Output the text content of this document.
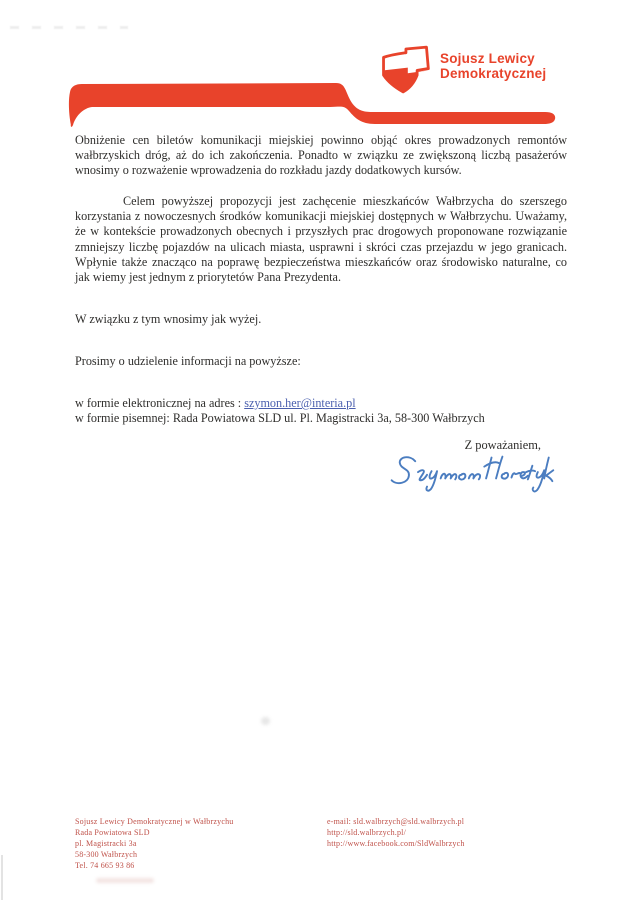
Sojusz Lewicy
Demokratycznej

Obniżenie cen biletów komunikacji miejskiej powinno objąć okres prowadzonych remontów wałbrzyskich dróg, aż do ich zakończenia. Ponadto w związku ze zwiększoną liczbą pasażerów wnosimy o rozważenie wprowadzenia do rozkładu jazdy dodatkowych kursów.

Celem powyższej propozycji jest zachęcenie mieszkańców Wałbrzycha do szerszego korzystania z nowoczesnych środków komunikacji miejskiej dostępnych w Wałbrzychu. Uważamy, że w kontekście prowadzonych obecnych i przyszłych prac drogowych proponowane rozwiązanie zmniejszy liczbę pojazdów na ulicach miasta, usprawni i skróci czas przejazdu w jego granicach. Wpłynie także znacząco na poprawę bezpieczeństwa mieszkańców oraz środowisko naturalne, co jak wiemy jest jednym z priorytetów Pana Prezydenta.

W związku z tym wnosimy jak wyżej.

Prosimy o udzielenie informacji na powyższe:

w formie elektronicznej na adres : szymon.her@interia.pl

w formie pisemnej: Rada Powiatowa SLD ul. Pl. Magistracki 3a, 58-300 Wałbrzych

Z poważaniem,
Sojusz Lewicy Demokratycznej w Wałbrzychu
Rada Powiatowa SLD
pl. Magistracki 3a
58-300 Wałbrzych
Tel. 74 665 93 86
e-mail: sld.walbrzych@sld.walbrzych.pl
http://sld.walbrzych.pl/
http://www.facebook.com/SldWalbrzych
